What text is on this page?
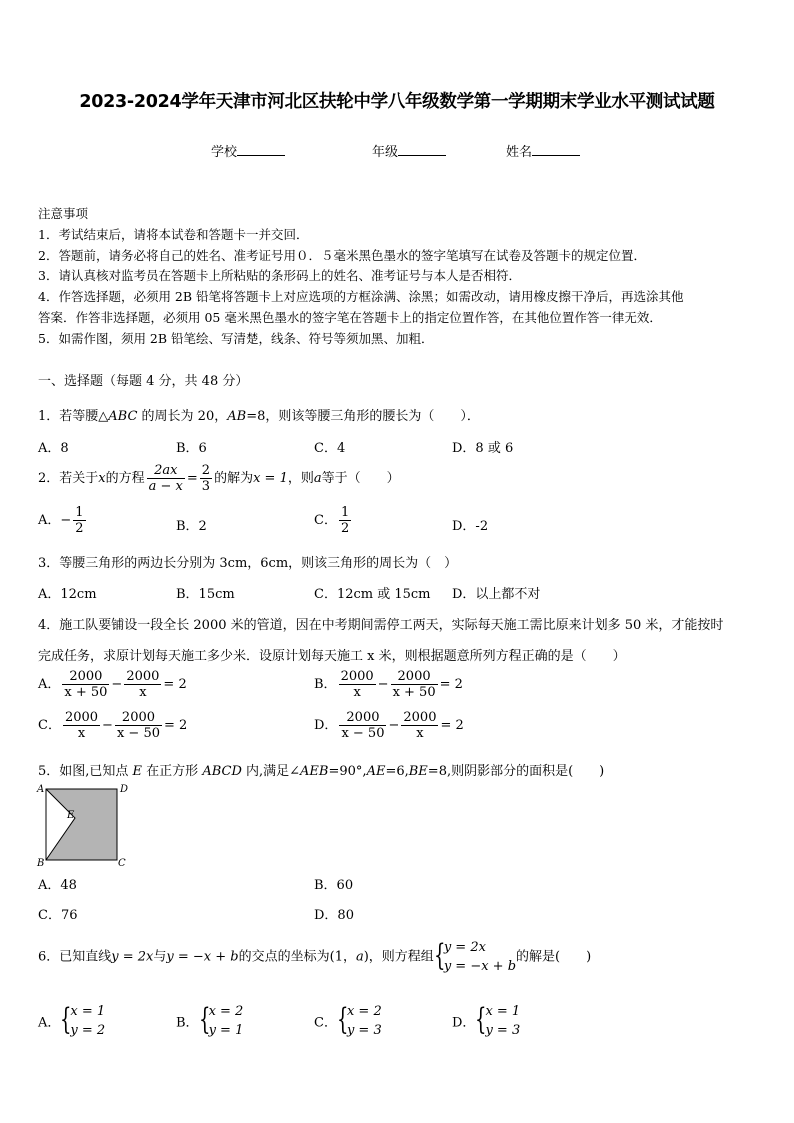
2023-2024学年天津市河北区扶轮中学八年级数学第一学期期末学业水平测试试题
学校	年级	姓名
注意事项
1．考试结束后，请将本试卷和答题卡一并交回．
2．答题前，请务必将自己的姓名、准考证号用０．５毫米黑色墨水的签字笔填写在试卷及答题卡的规定位置．
3．请认真核对监考员在答题卡上所粘贴的条形码上的姓名、准考证号与本人是否相符．
4．作答选择题，必须用 2B 铅笔将答题卡上对应选项的方框涂满、涂黑；如需改动，请用橡皮擦干净后，再选涂其他
答案．作答非选择题，必须用 05 毫米黑色墨水的签字笔在答题卡上的指定位置作答，在其他位置作答一律无效．
5．如需作图，须用 2B 铅笔绘、写清楚，线条、符号等须加黑、加粗．
一、选择题（每题 4 分，共 48 分）
1．若等腰△ABC 的周长为 20，AB=8，则该等腰三角形的腰长为（　　）．
A．8	B．6	C．4	D．8 或 6
2．若关于x的方程 $\frac{2ax}{a - x} = \frac{2}{3}$ 的解为x = 1，则a等于（　　）
A．− $\frac{1}{2}$	B．2	C． $\frac{1}{2}$	D．-2
3．等腰三角形的两边长分别为 3cm，6cm，则该三角形的周长为（　）
A．12cm	B．15cm	C．12cm 或 15cm D．以上都不对
4．施工队要铺设一段全长 2000 米的管道，因在中考期间需停工两天，实际每天施工需比原来计划多 50 米，才能按时
完成任务，求原计划每天施工多少米．设原计划每天施工 x 米，则根据题意所列方程正确的是（　　）
A． $\frac{2000}{x + 50} - \frac{2000}{x} = 2$	B． $\frac{2000}{x} - \frac{2000}{x + 50} = 2$
C． $\frac{2000}{x} - \frac{2000}{x - 50} = 2$	D． $\frac{2000}{x - 50} - \frac{2000}{x} = 2$
5．如图,已知点 E 在正方形 ABCD 内,满足∠AEB=90°,AE=6,BE=8,则阴影部分的面积是(　　)
A	D
B	C
E
A．48	B．60
C．76	D．80
6．已知直线y = 2x与y = −x + b的交点的坐标为(1，a)，则方程组 {
y = 2x
y = −x + b
的解是(　　)
A． {
x = 1
y = 2	B． {
x = 2
y = 1	C． {
x = 2
y = 3	D． {
x = 1
y = 3
